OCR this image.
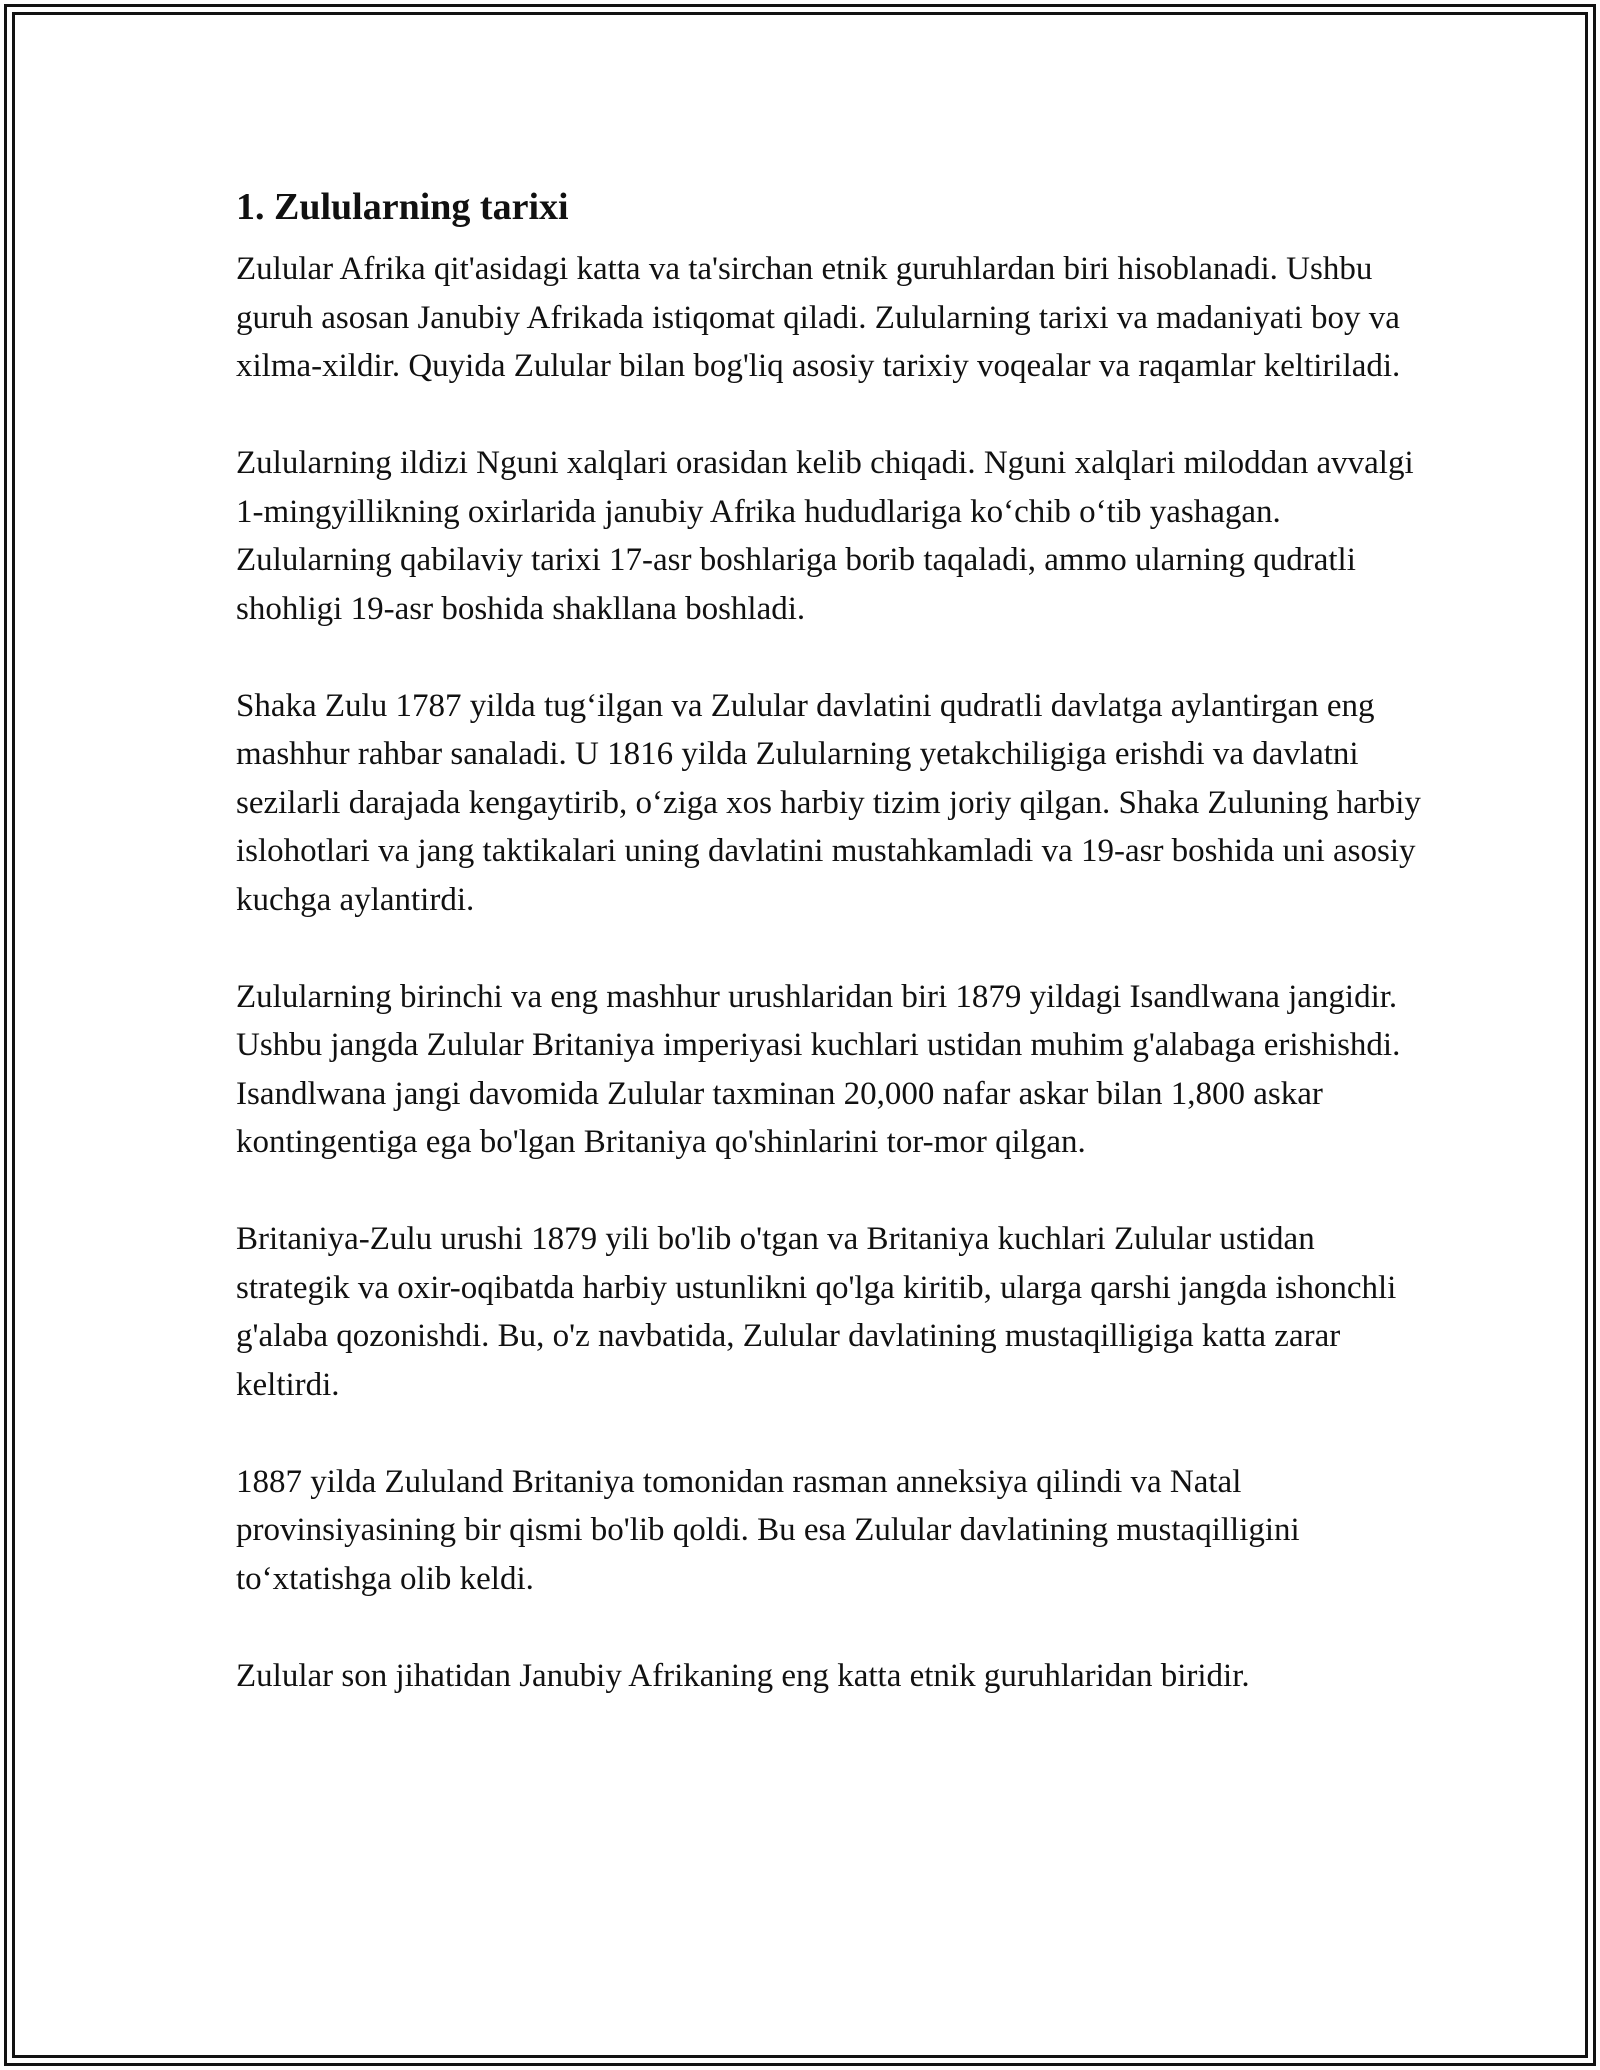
1. Zulularning tarixi

Zulular Afrika qit'asidagi katta va ta'sirchan etnik guruhlardan biri hisoblanadi. Ushbu guruh asosan Janubiy Afrikada istiqomat qiladi. Zulularning tarixi va madaniyati boy va xilma-xildir. Quyida Zulular bilan bog'liq asosiy tarixiy voqealar va raqamlar keltiriladi.

Zulularning ildizi Nguni xalqlari orasidan kelib chiqadi. Nguni xalqlari miloddan avvalgi 1-mingyillikning oxirlarida janubiy Afrika hududlariga ko‘chib o‘tib yashagan. Zulularning qabilaviy tarixi 17-asr boshlariga borib taqaladi, ammo ularning qudratli shohligi 19-asr boshida shakllana boshladi.

Shaka Zulu 1787 yilda tug‘ilgan va Zulular davlatini qudratli davlatga aylantirgan eng mashhur rahbar sanaladi. U 1816 yilda Zulularning yetakchiligiga erishdi va davlatni sezilarli darajada kengaytirib, o‘ziga xos harbiy tizim joriy qilgan. Shaka Zuluning harbiy islohotlari va jang taktikalari uning davlatini mustahkamladi va 19-asr boshida uni asosiy kuchga aylantirdi.

Zulularning birinchi va eng mashhur urushlaridan biri 1879 yildagi Isandlwana jangidir. Ushbu jangda Zulular Britaniya imperiyasi kuchlari ustidan muhim g'alabaga erishishdi. Isandlwana jangi davomida Zulular taxminan 20,000 nafar askar bilan 1,800 askar kontingentiga ega bo'lgan Britaniya qo'shinlarini tor-mor qilgan.

Britaniya-Zulu urushi 1879 yili bo'lib o'tgan va Britaniya kuchlari Zulular ustidan strategik va oxir-oqibatda harbiy ustunlikni qo'lga kiritib, ularga qarshi jangda ishonchli g'alaba qozonishdi. Bu, o'z navbatida, Zulular davlatining mustaqilligiga katta zarar keltirdi.

1887 yilda Zululand Britaniya tomonidan rasman anneksiya qilindi va Natal provinsiyasining bir qismi bo'lib qoldi. Bu esa Zulular davlatining mustaqilligini to‘xtatishga olib keldi.

Zulular son jihatidan Janubiy Afrikaning eng katta etnik guruhlaridan biridir.
